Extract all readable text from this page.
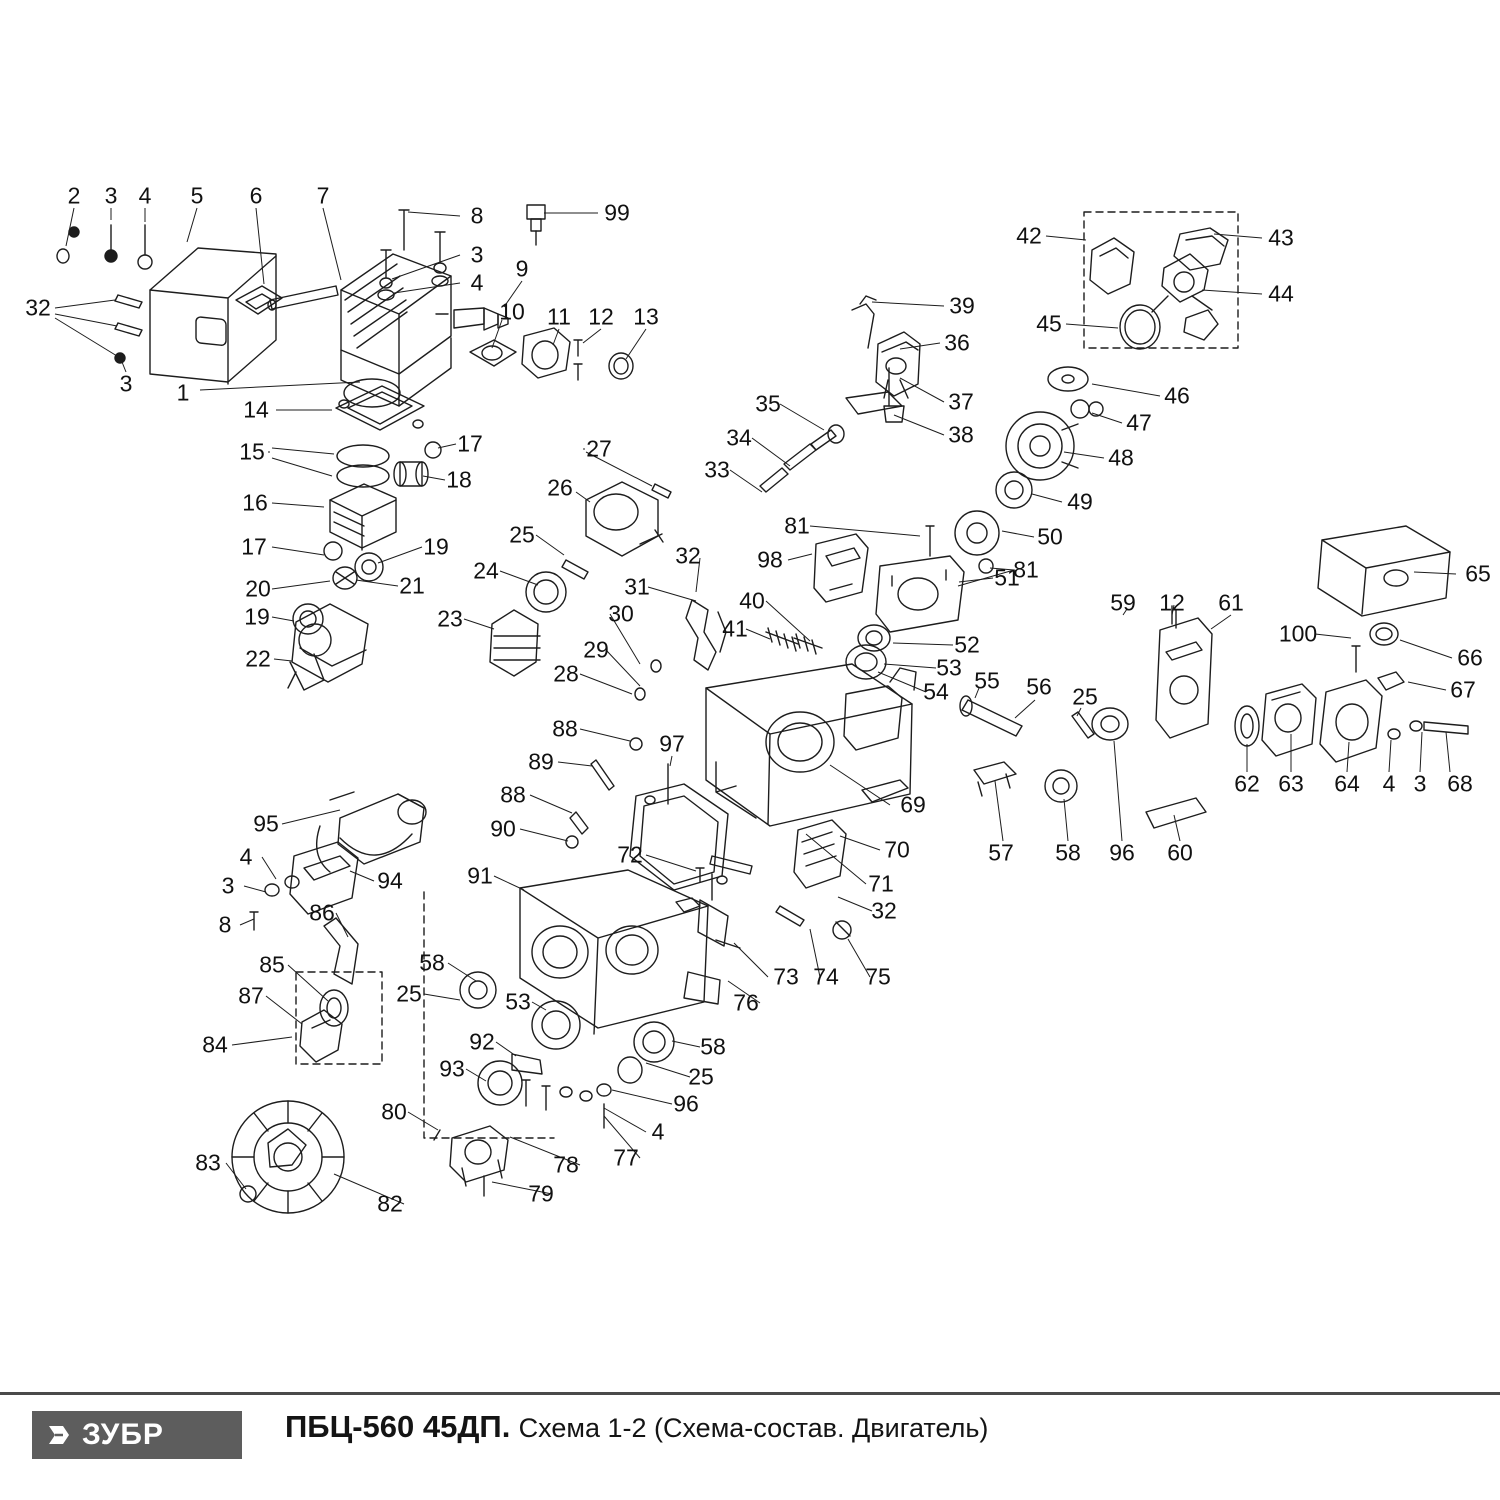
2 3 4 5 6 7
8	99
3
4
9
32	10 11 12 13	39
36
42	43
44
45
3 1	35	37
34	38
46
47
14
17
33	48
15
18
27
16
26
49
17	19	25	50
81
98
65
20	21
24
32
81
51
19
31
40	59 12 61
23	30
41	100
22	29	52	66
53
67
28
54 55 56 25
88
97
89
62 63 64 4 3 68
88	69
90
57 58 96 60
95
72	70
4
71
3	94	91
32
8	86
85	58
73 74 75
87	25	53	76
84	92	58
93	25
96
80
4
83	78 77
79
82
ЗУБР	ПБЦ-560 45ДП. Схема 1-2 (Схема-состав. Двигатель)
